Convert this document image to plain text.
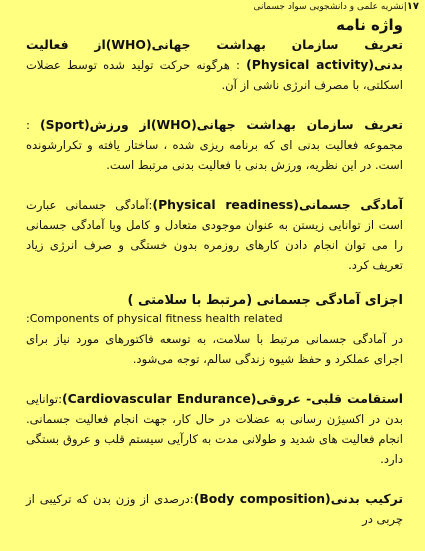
۱۷|نشریه علمی و دانشجویی سواد جسمانی
واژه نامه

تعریف سازمان بهداشت جهانی(WHO)از فعالیت بدنی(Physical activity) : هرگونه حرکت تولید شده توسط عضلات اسکلتی، با مصرف انرژی ناشی از آن.

تعریف سازمان بهداشت جهانی(WHO)از ورزش(Sport) : مجموعه فعالیت بدنی ای که برنامه ریزی شده ، ساختار یافته و تکرارشونده است. در این نظریه، ورزش بدنی با فعالیت بدنی مرتبط است.

آمادگی جسمانی(Physical readiness):آمادگی جسمانی عبارت است از توانایی زیستن به عنوان موجودی متعادل و کامل ویا آمادگی جسمانی را می توان انجام دادن کارهای روزمره بدون خستگی و صرف انرژی زیاد تعریف کرد.

اجزای آمادگی جسمانی (مرتبط با سلامتی )

:Components of physical fitness health related

در آمادگی جسمانی مرتبط با سلامت، به توسعه فاکتورهای مورد نیاز برای اجرای عملکرد و حفظ شیوه زندگی سالم، توجه می‌شود.

استقامت قلبی- عروقی(Cardiovascular Endurance):توانایی بدن در اکسیژن رسانی به عضلات در حال کار، جهت انجام فعالیت جسمانی. انجام فعالیت های شدید و طولانی مدت به کارآیی سیستم قلب و عروق بستگی دارد.

ترکیب بدنی(Body composition):درصدی از وزن بدن که ترکیبی از چربی در
